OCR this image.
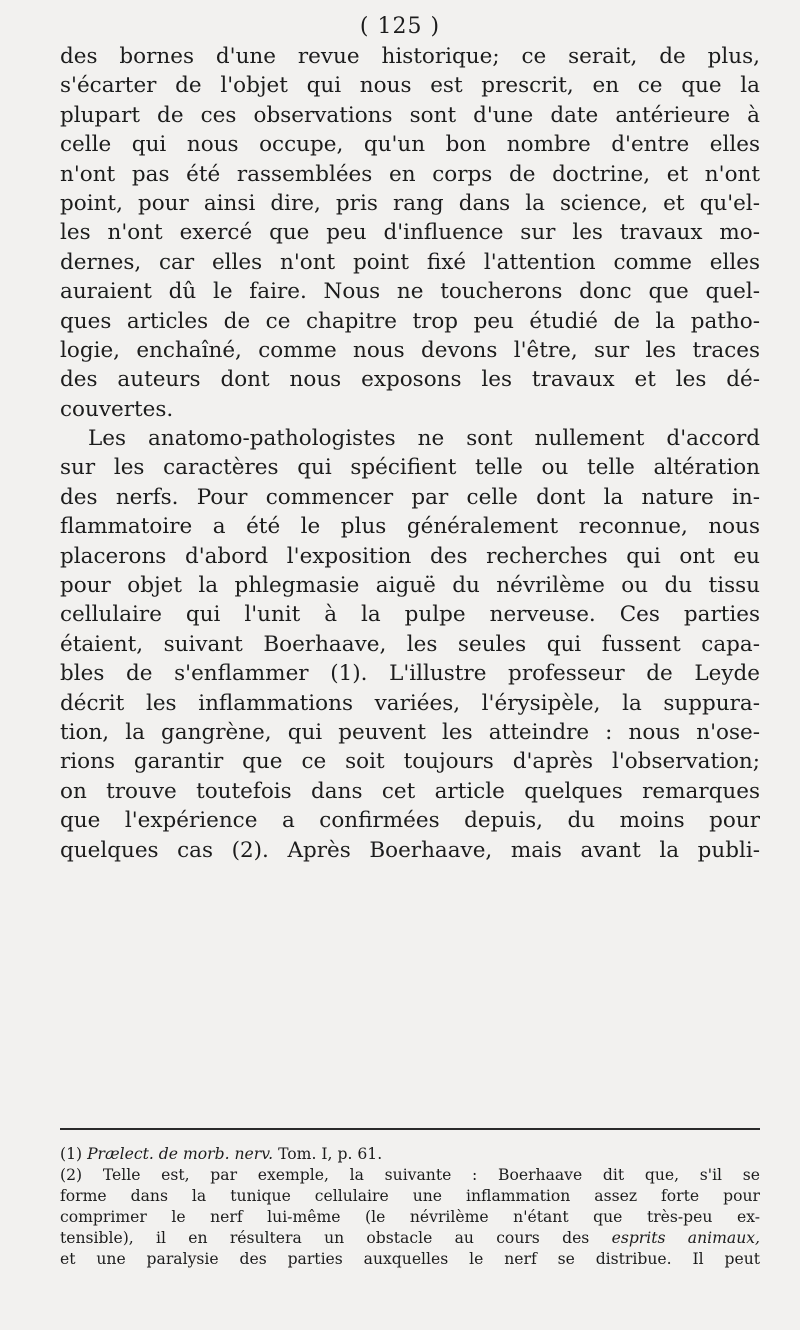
( 125 )
des bornes d'une revue historique; ce serait, de plus,
s'écarter de l'objet qui nous est prescrit, en ce que la
plupart de ces observations sont d'une date antérieure à
celle qui nous occupe, qu'un bon nombre d'entre elles
n'ont pas été rassemblées en corps de doctrine, et n'ont
point, pour ainsi dire, pris rang dans la science, et qu'el-
les n'ont exercé que peu d'influence sur les travaux mo-
dernes, car elles n'ont point fixé l'attention comme elles
auraient dû le faire. Nous ne toucherons donc que quel-
ques articles de ce chapitre trop peu étudié de la patho-
logie, enchaîné, comme nous devons l'être, sur les traces
des auteurs dont nous exposons les travaux et les dé-
couvertes.
Les anatomo-pathologistes ne sont nullement d'accord
sur les caractères qui spécifient telle ou telle altération
des nerfs. Pour commencer par celle dont la nature in-
flammatoire a été le plus généralement reconnue, nous
placerons d'abord l'exposition des recherches qui ont eu
pour objet la phlegmasie aiguë du névrilème ou du tissu
cellulaire qui l'unit à la pulpe nerveuse. Ces parties
étaient, suivant Boerhaave, les seules qui fussent capa-
bles de s'enflammer (1). L'illustre professeur de Leyde
décrit les inflammations variées, l'érysipèle, la suppura-
tion, la gangrène, qui peuvent les atteindre : nous n'ose-
rions garantir que ce soit toujours d'après l'observation;
on trouve toutefois dans cet article quelques remarques
que l'expérience a confirmées depuis, du moins pour
quelques cas (2). Après Boerhaave, mais avant la publi-
(1) Prælect. de morb. nerv. Tom. I, p. 61.
(2) Telle est, par exemple, la suivante : Boerhaave dit que, s'il se
forme dans la tunique cellulaire une inflammation assez forte pour
comprimer le nerf lui-même (le névrilème n'étant que très-peu ex-
tensible), il en résultera un obstacle au cours des esprits animaux,
et une paralysie des parties auxquelles le nerf se distribue. Il peut
